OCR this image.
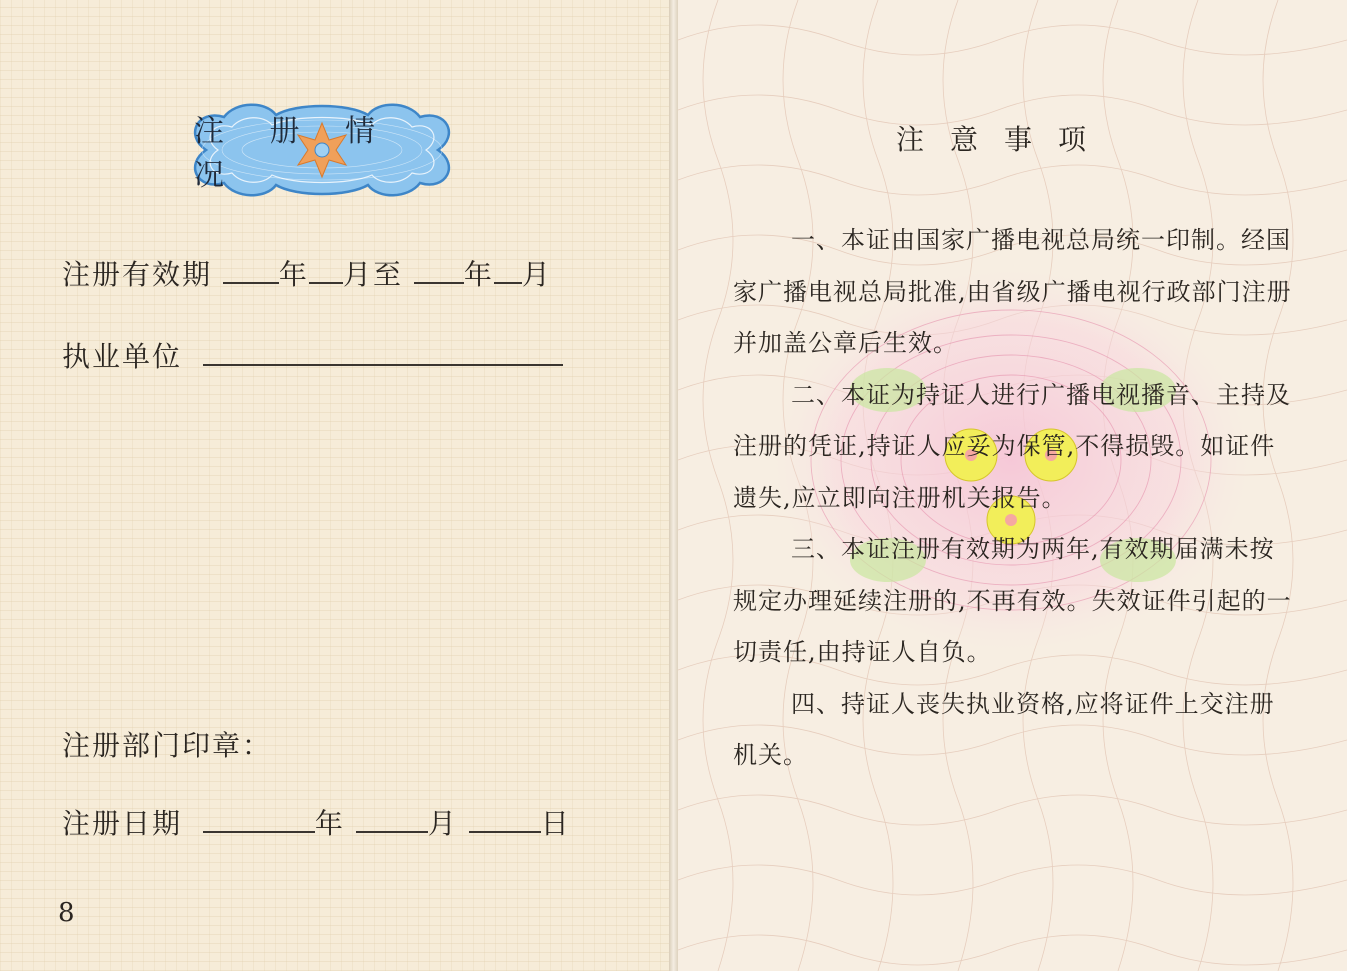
注 册 情 况
注册有效期 年 月至 年 月
执业单位
注册部门印章：
注册日期	年	月	日
8
注意事项

一、本证由国家广播电视总局统一印制。经国家广播电视总局批准,由省级广播电视行政部门注册并加盖公章后生效。

二、本证为持证人进行广播电视播音、主持及注册的凭证,持证人应妥为保管,不得损毁。如证件遗失,应立即向注册机关报告。

三、本证注册有效期为两年,有效期届满未按规定办理延续注册的,不再有效。失效证件引起的一切责任,由持证人自负。

四、持证人丧失执业资格,应将证件上交注册机关。
